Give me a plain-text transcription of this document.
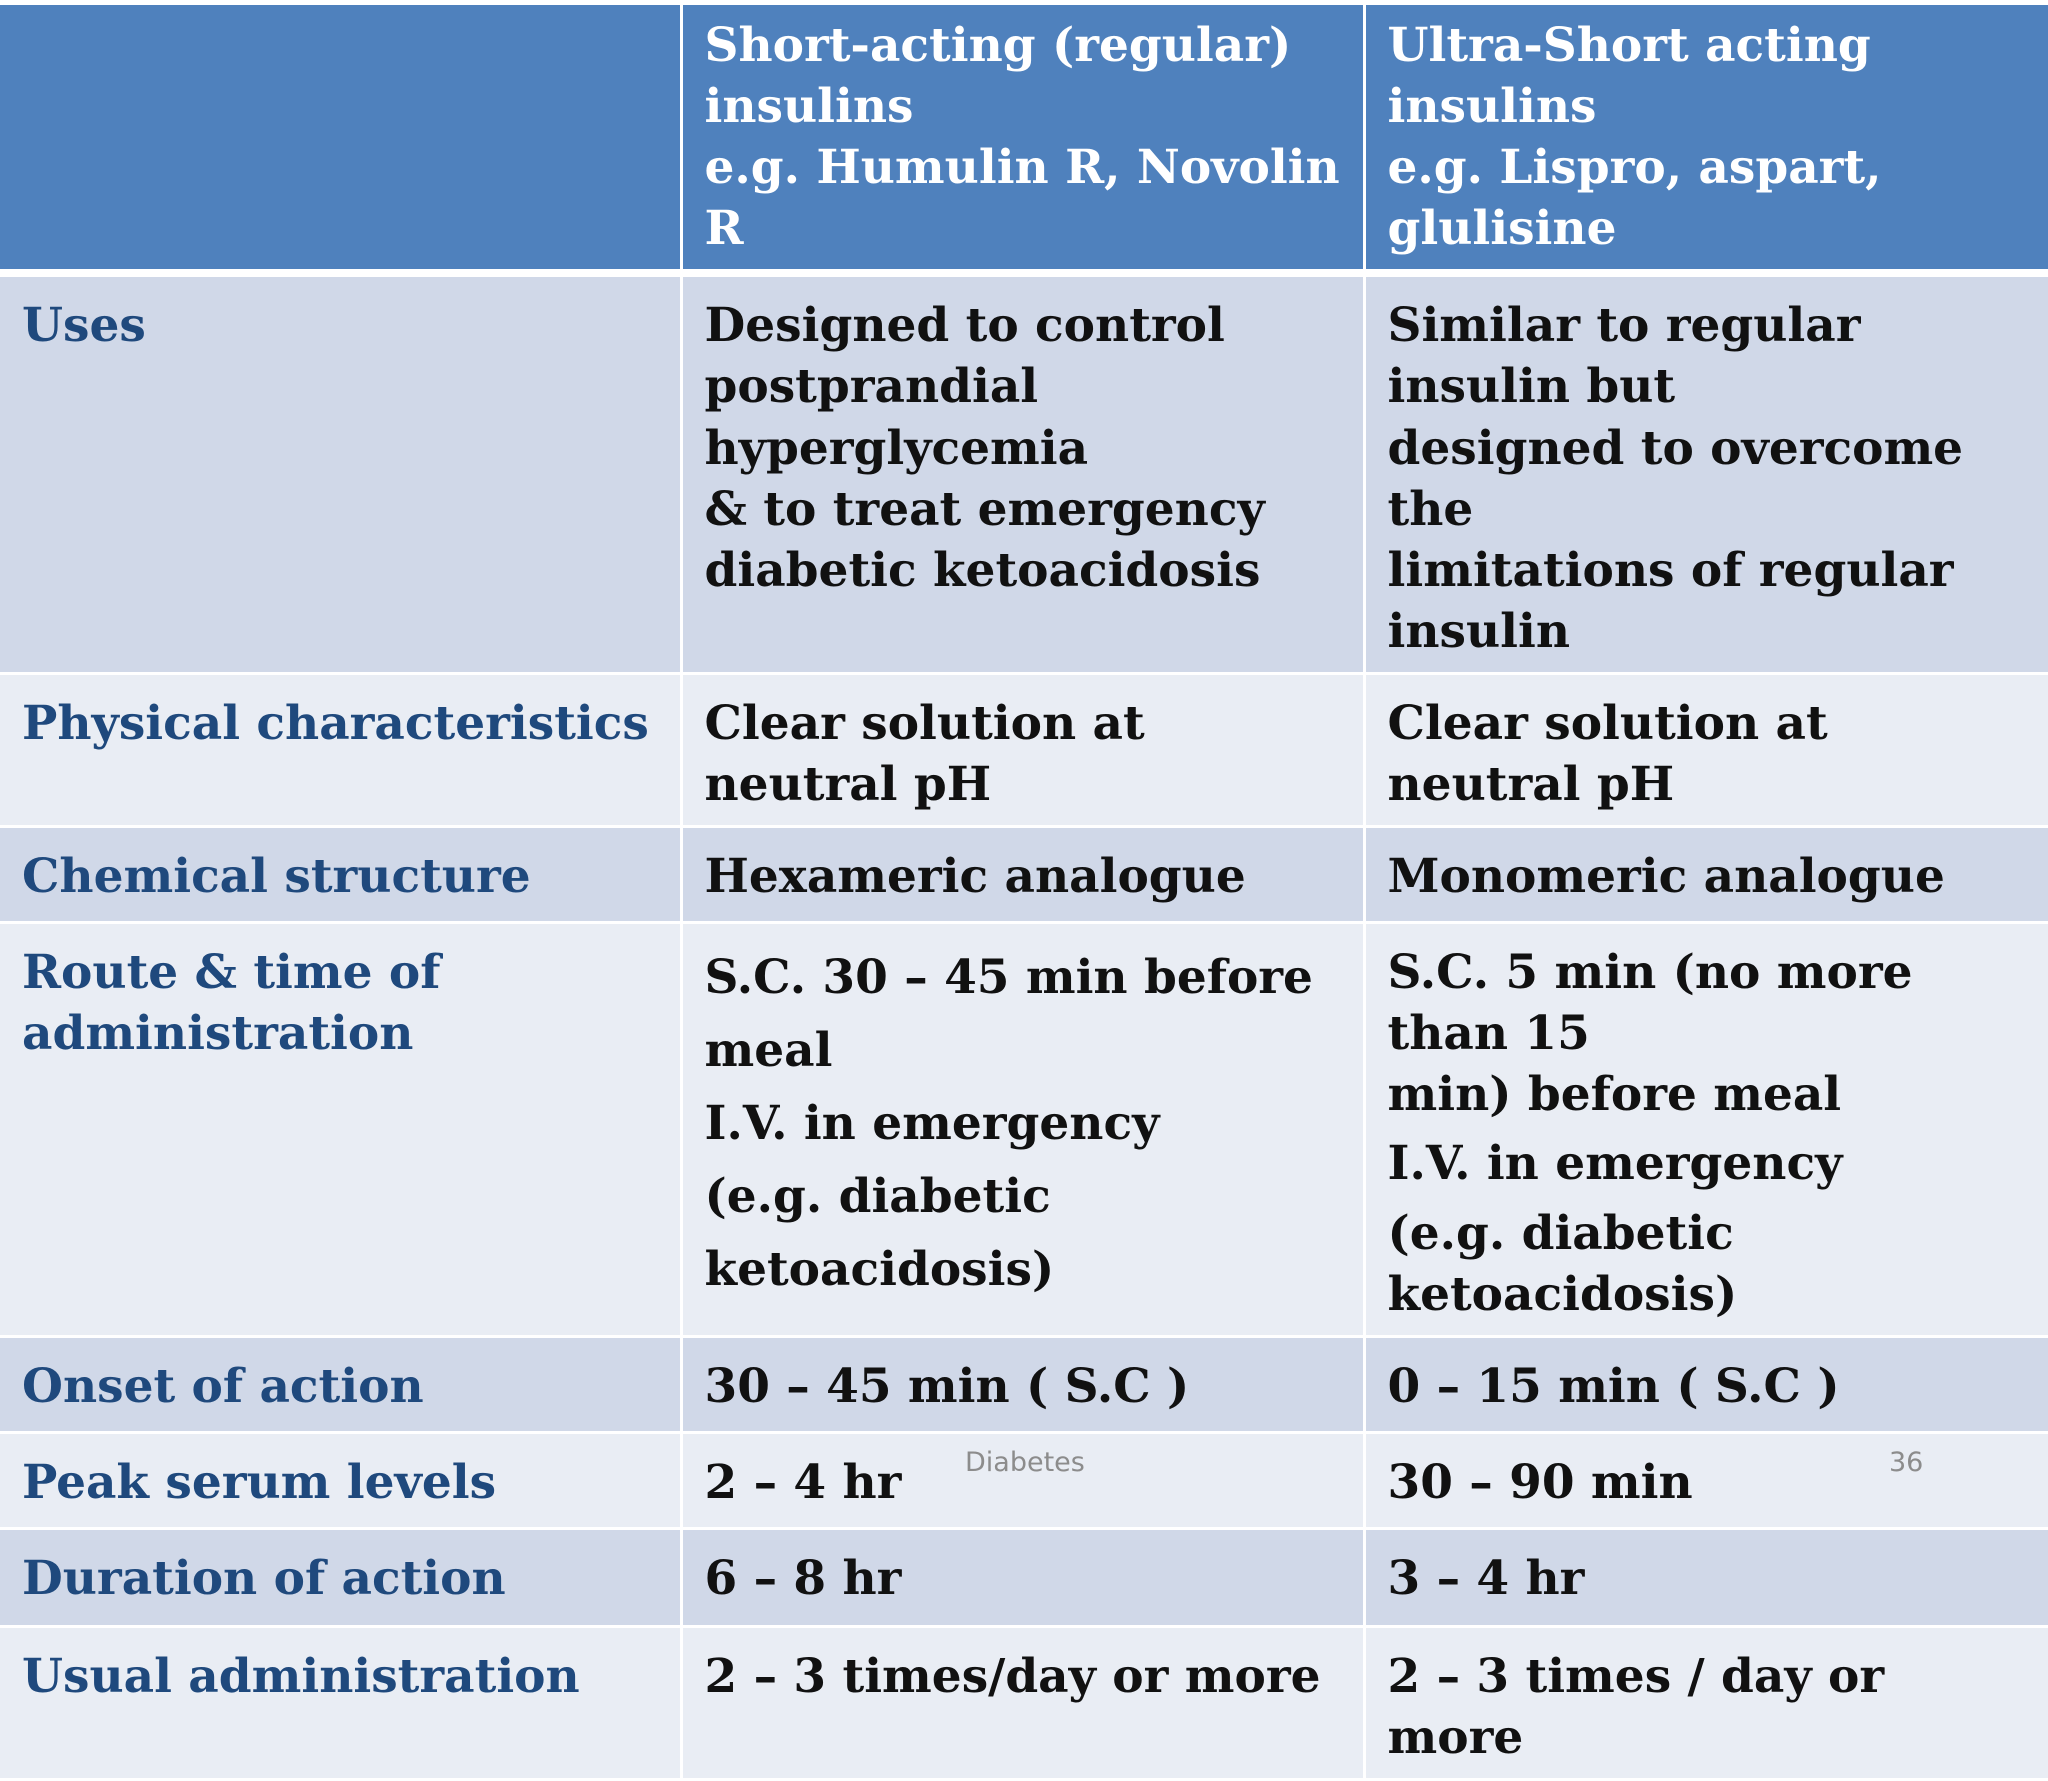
	Short-acting (regular)
insulins
e.g. Humulin R, Novolin R	Ultra-Short acting insulins
e.g. Lispro, aspart, glulisine

Uses	Designed to control
postprandial hyperglycemia
& to treat emergency
diabetic ketoacidosis	Similar to regular insulin but
designed to overcome the
limitations of regular insulin

Physical characteristics	Clear solution at neutral pH	Clear solution at neutral pH

Chemical structure	Hexameric analogue	Monomeric analogue

Route & time of
administration	S.C. 30 – 45 min before meal
I.V. in emergency
(e.g. diabetic ketoacidosis)	S.C. 5 min (no more than 15
min) before meal
I.V. in emergency
(e.g. diabetic ketoacidosis)

Onset of action	30 – 45 min ( S.C )	0 – 15 min ( S.C )

Peak serum levels	2 – 4 hr	30 – 90 min

Duration of action	6 – 8 hr	3 – 4 hr

Usual administration	2 – 3 times/day or more	2 – 3 times / day or more
Diabetes	36
